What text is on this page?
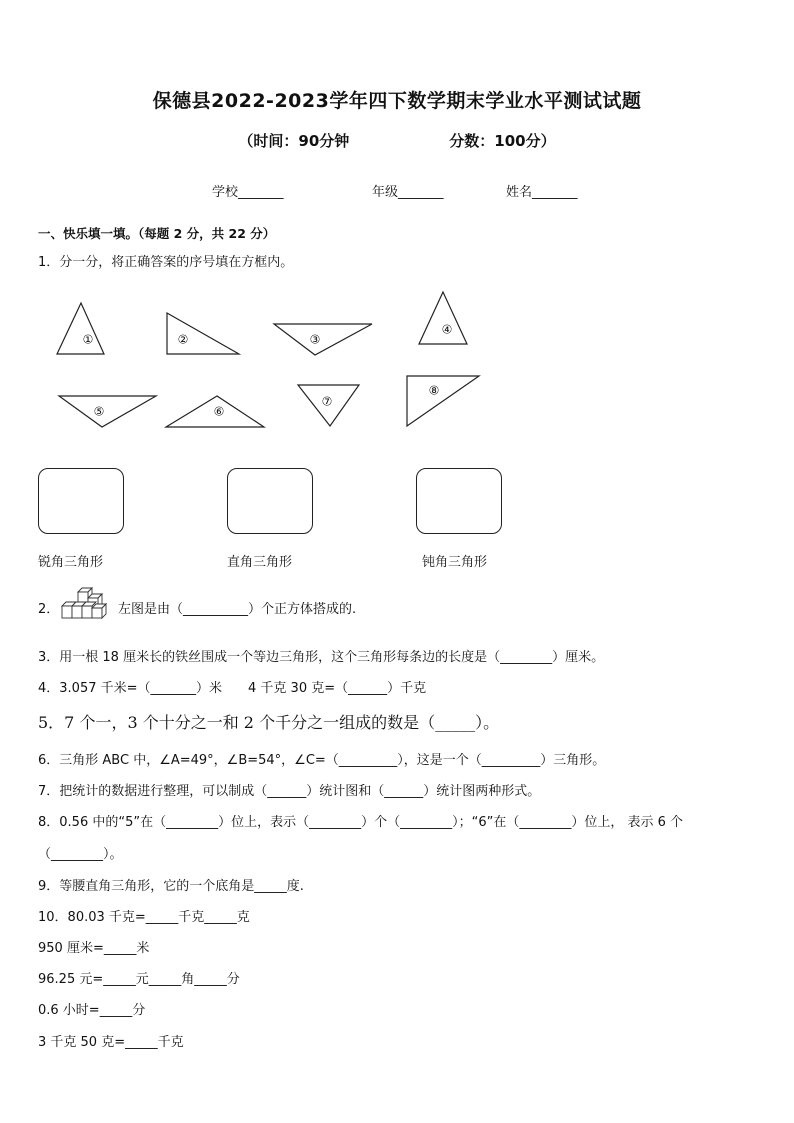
保德县2022-2023学年四下数学期末学业水平测试试题
（时间：90分钟	分数：100分）
学校_______	年级_______	姓名_______
一、快乐填一填。（每题 2 分，共 22 分）
1．分一分，将正确答案的序号填在方框内。
①	②	③
④
⑤	⑥
⑦
⑧
锐角三角形	直角三角形	钝角三角形
2．	左图是由（__________）个正方体搭成的.
3．用一根 18 厘米长的铁丝围成一个等边三角形，这个三角形每条边的长度是（________）厘米。
4．3.057 千米=（_______）米　　4 千克 30 克=（______）千克
5．7 个一，3 个十分之一和 2 个千分之一组成的数是（_____）。
6．三角形 ABC 中，∠A=49°，∠B=54°，∠C=（_________），这是一个（_________）三角形。
7．把统计的数据进行整理，可以制成（______）统计图和（______）统计图两种形式。
8．0.56 中的“5”在（________）位上，表示（________）个（________）；“6”在（________）位上， 表示 6 个
（________）。
9．等腰直角三角形，它的一个底角是_____度.
10．80.03 千克=_____千克_____克
950 厘米=_____米
96.25 元=_____元_____角_____分
0.6 小时=_____分
3 千克 50 克=_____千克
